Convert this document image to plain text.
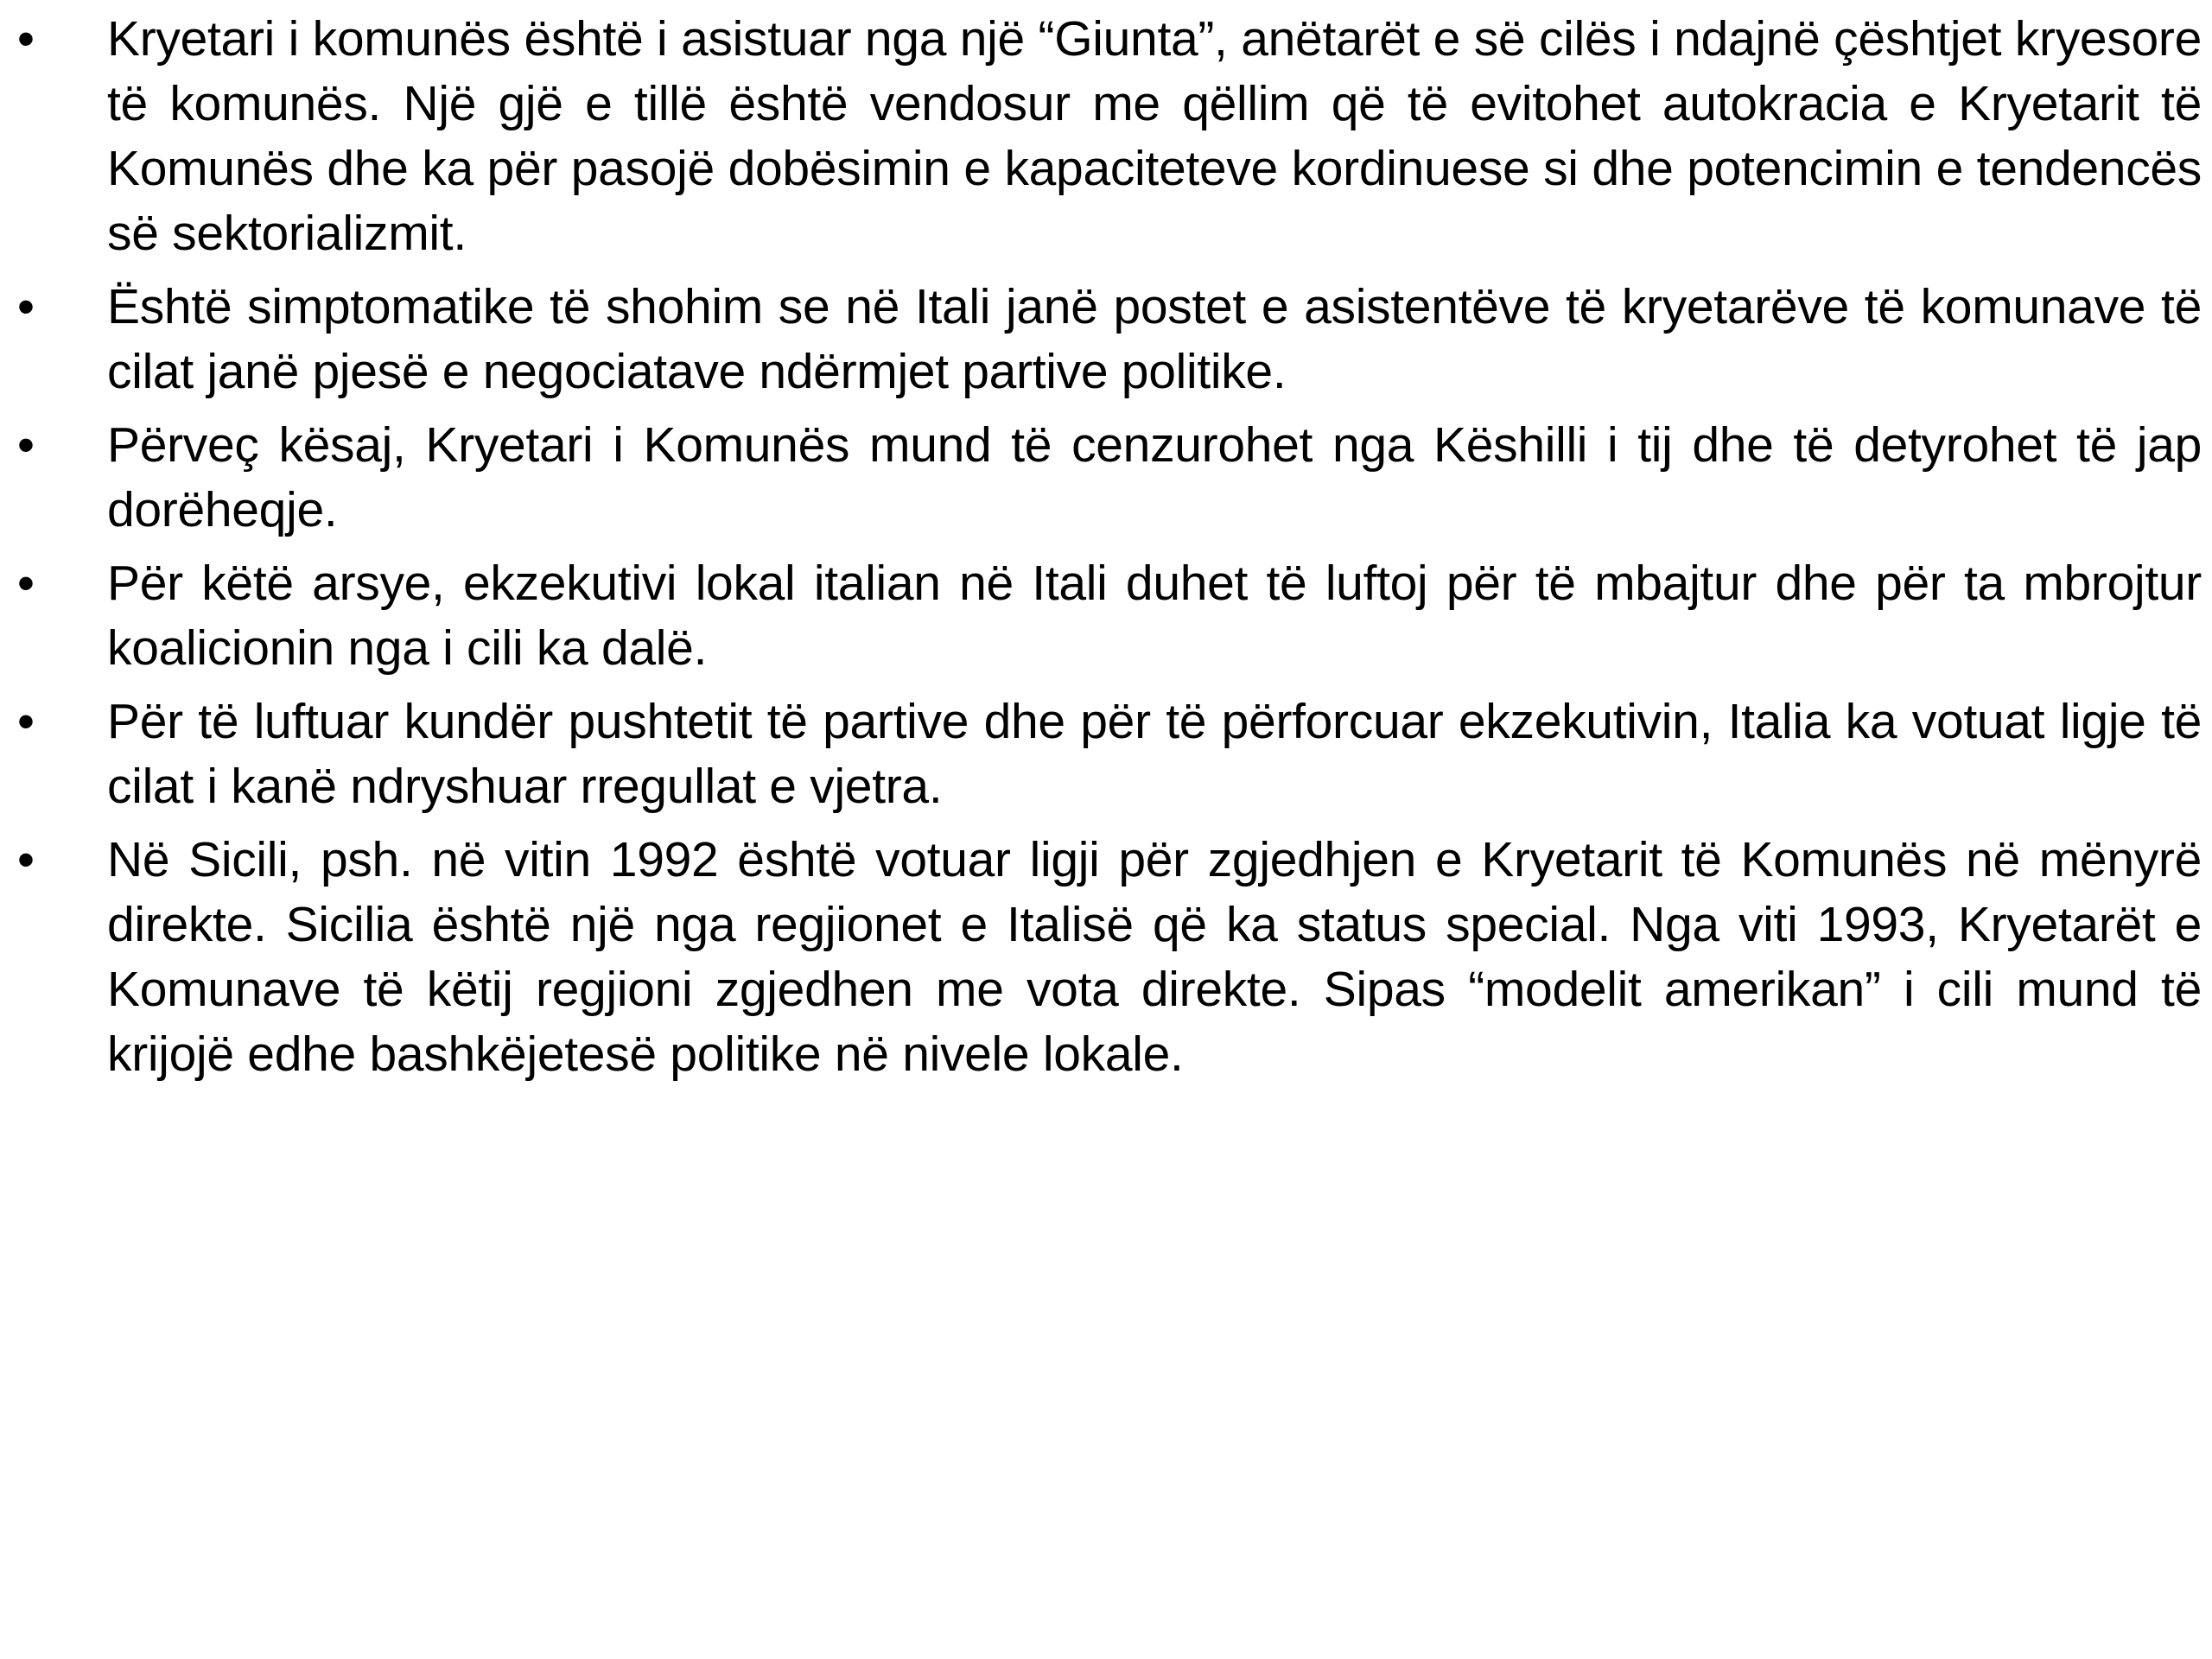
•	Kryetari i komunës është i asistuar nga një “Giunta”, anëtarët e së cilës i ndajnë çështjet kryesore të komunës. Një gjë e tillë është vendosur me qëllim që të evitohet autokracia e Kryetarit të Komunës dhe ka për pasojë dobësimin e kapaciteteve kordinuese si dhe potencimin e tendencës së sektorializmit.
•	Është simptomatike të shohim se në Itali janë postet e asistentëve të kryetarëve të komunave të cilat janë pjesë e negociatave ndërmjet partive politike.
•	Përveç kësaj, Kryetari i Komunës mund të cenzurohet nga Këshilli i tij dhe të detyrohet të jap dorëheqje.
•	Për këtë arsye, ekzekutivi lokal italian në Itali duhet të luftoj për të mbajtur dhe për ta mbrojtur koalicionin nga i cili ka dalë.
•	Për të luftuar kundër pushtetit të partive dhe për të përforcuar ekzekutivin, Italia ka votuat ligje të cilat i kanë ndryshuar rregullat e vjetra.
•	Në Sicili, psh. në vitin 1992 është votuar ligji për zgjedhjen e Kryetarit të Komunës në mënyrë direkte. Sicilia është një nga regjionet e Italisë që ka status special. Nga viti 1993, Kryetarët e Komunave të këtij regjioni zgjedhen me vota direkte. Sipas “modelit amerikan” i cili mund të krijojë edhe bashkëjetesë politike në nivele lokale.
